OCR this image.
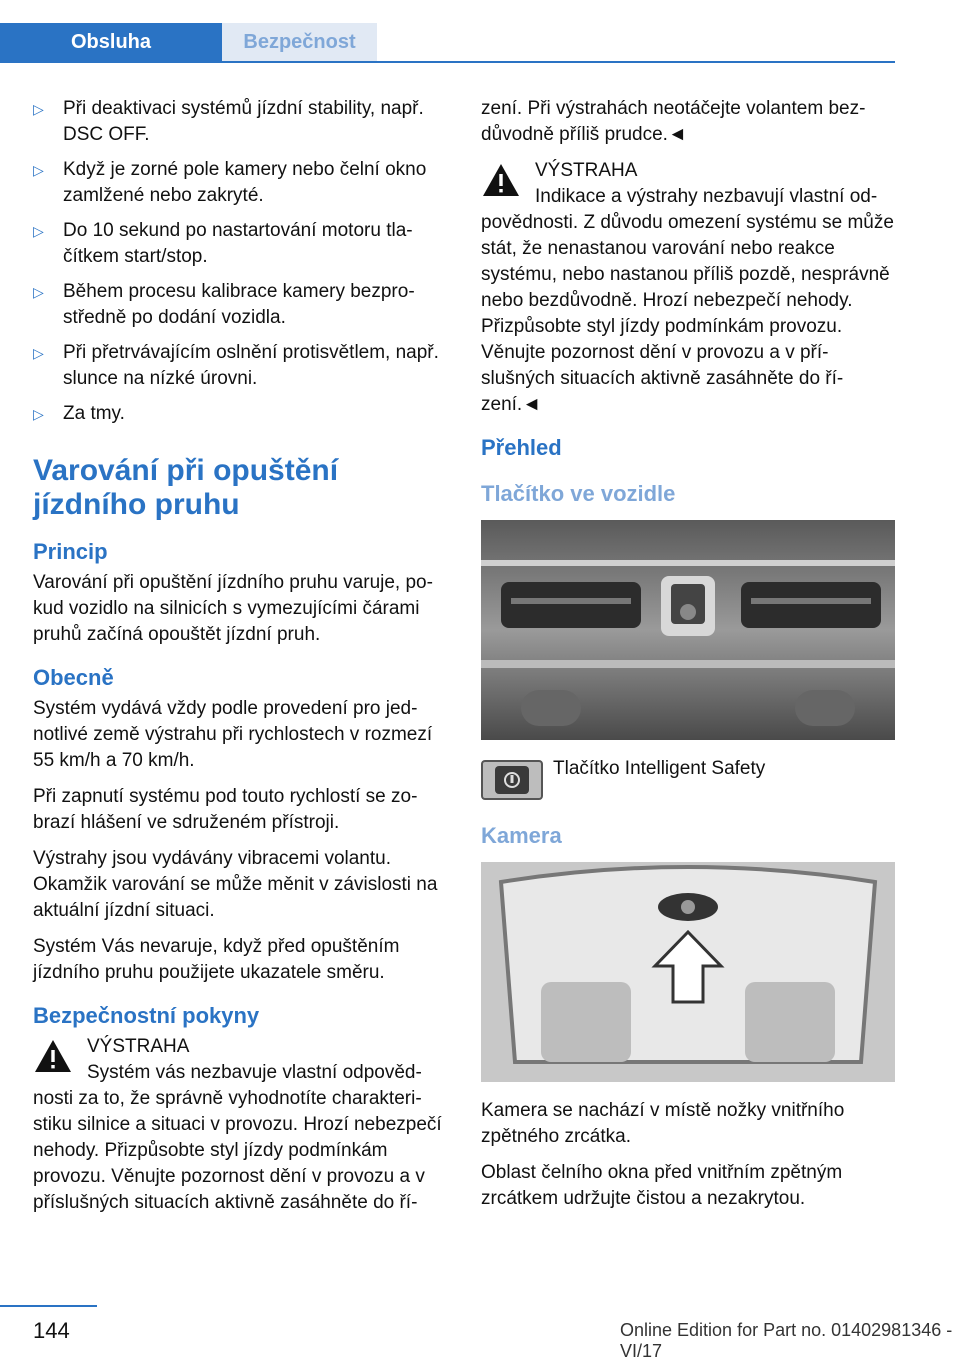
Obsluha	Bezpečnost
▷ Při deaktivaci systémů jízdní stability, např. DSC OFF.
▷ Když je zorné pole kamery nebo čelní okno zamlžené nebo zakryté.
▷ Do 10 sekund po nastartování motoru tlačítkem start/stop.
▷ Během procesu kalibrace kamery bezprostředně po dodání vozidla.
▷ Při přetrvávajícím oslnění protisvětlem, např. slunce na nízké úrovni.
▷ Za tmy.
Varování při opuštění jízdního pruhu
Princip

Varování při opuštění jízdního pruhu varuje, pokud vozidlo na silnicích s vymezujícími čárami pruhů začíná opouštět jízdní pruh.

Obecně

Systém vydává vždy podle provedení pro jednotlivé země výstrahu při rychlostech v rozmezí 55 km/h a 70 km/h.

Při zapnutí systému pod touto rychlostí se zobrazí hlášení ve sdruženém přístroji.

Výstrahy jsou vydávány vibracemi volantu. Okamžik varování se může měnit v závislosti na aktuální jízdní situaci.

Systém Vás nevaruje, když před opuštěním jízdního pruhu použijete ukazatele směru.

Bezpečnostní pokyny
VÝSTRAHA
Systém vás nezbavuje vlastní odpovědnosti za to, že správně vyhodnotíte charakteristiku silnice a situaci v provozu. Hrozí nebezpečí nehody. Přizpůsobte styl jízdy podmínkám provozu. Věnujte pozornost dění v provozu a v příslušných situacích aktivně zasáhněte do ří-

zení. Při výstrahách neotáčejte volantem bezdůvodně příliš prudce.◄

VÝSTRAHA
Indikace a výstrahy nezbavují vlastní odpovědnosti. Z důvodu omezení systému se může stát, že nenastanou varování nebo reakce systému, nebo nastanou příliš pozdě, nesprávně nebo bezdůvodně. Hrozí nebezpečí nehody. Přizpůsobte styl jízdy podmínkám provozu. Věnujte pozornost dění v provozu a v příslušných situacích aktivně zasáhněte do řízení.◄
Přehled
Tlačítko ve vozidle
Tlačítko Intelligent Safety
Kamera

Kamera se nachází v místě nožky vnitřního zpětného zrcátka.

Oblast čelního okna před vnitřním zpětným zrcátkem udržujte čistou a nezakrytou.

144	Online Edition for Part no. 01402981346 - VI/17
